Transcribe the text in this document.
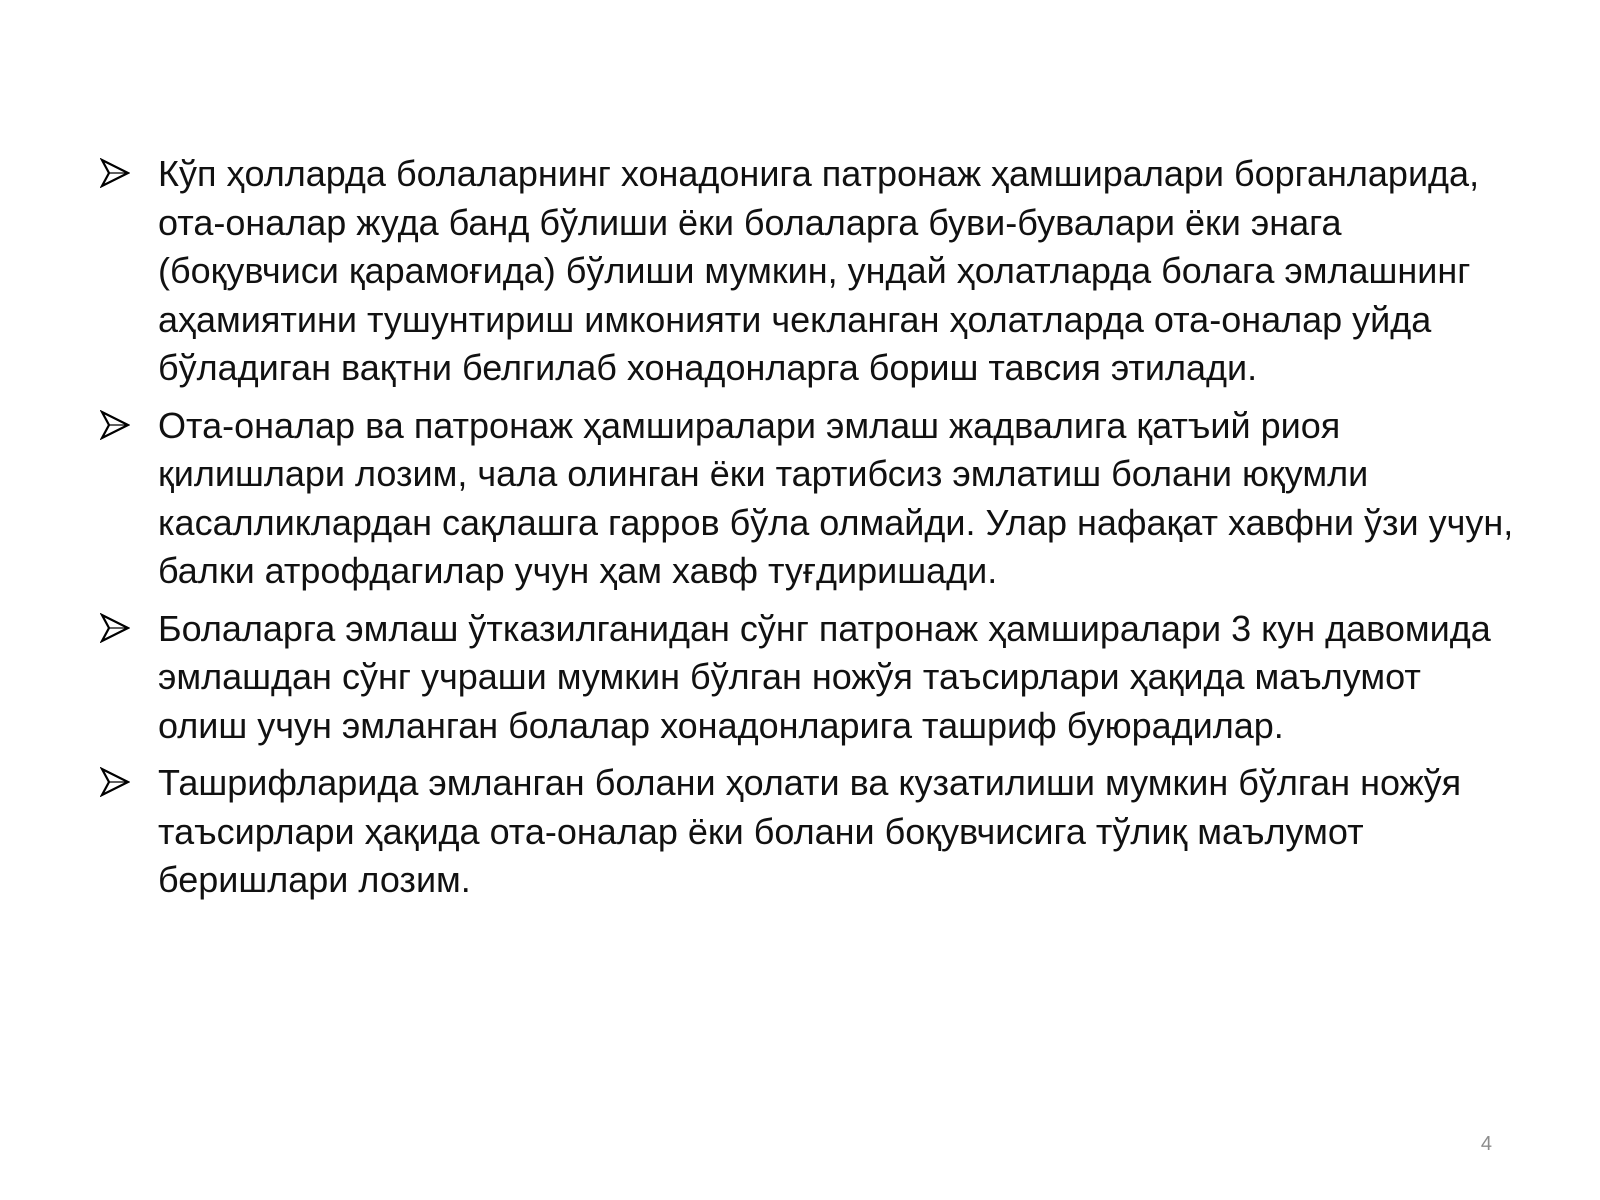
Кўп ҳолларда болаларнинг хонадонига патронаж ҳамширалари борганларида, ота-оналар жуда банд бўлиши ёки болаларга буви-бувалари ёки энага (боқувчиси қарамоғида) бўлиши мумкин, ундай ҳолатларда болага эмлашнинг аҳамиятини тушунтириш имконияти чекланган ҳолатларда ота-оналар уйда бўладиган вақтни белгилаб хонадонларга бориш тавсия этилади.
Ота-оналар ва патронаж ҳамширалари эмлаш жадвалига қатъий риоя қилишлари лозим, чала олинган ёки тартибсиз эмлатиш болани юқумли касалликлардан сақлашга гарров бўла олмайди. Улар нафақат хавфни ўзи учун, балки атрофдагилар учун ҳам хавф туғдиришади.
Болаларга эмлаш ўтказилганидан сўнг патронаж ҳамширалари 3 кун давомида эмлашдан сўнг учраши мумкин бўлган ножўя таъсирлари ҳақида маълумот олиш учун эмланган болалар хонадонларига ташриф буюрадилар.
Ташрифларида эмланган болани ҳолати ва кузатилиши мумкин бўлган ножўя таъсирлари ҳақида ота-оналар ёки болани боқувчисига тўлиқ маълумот беришлари лозим.
4
